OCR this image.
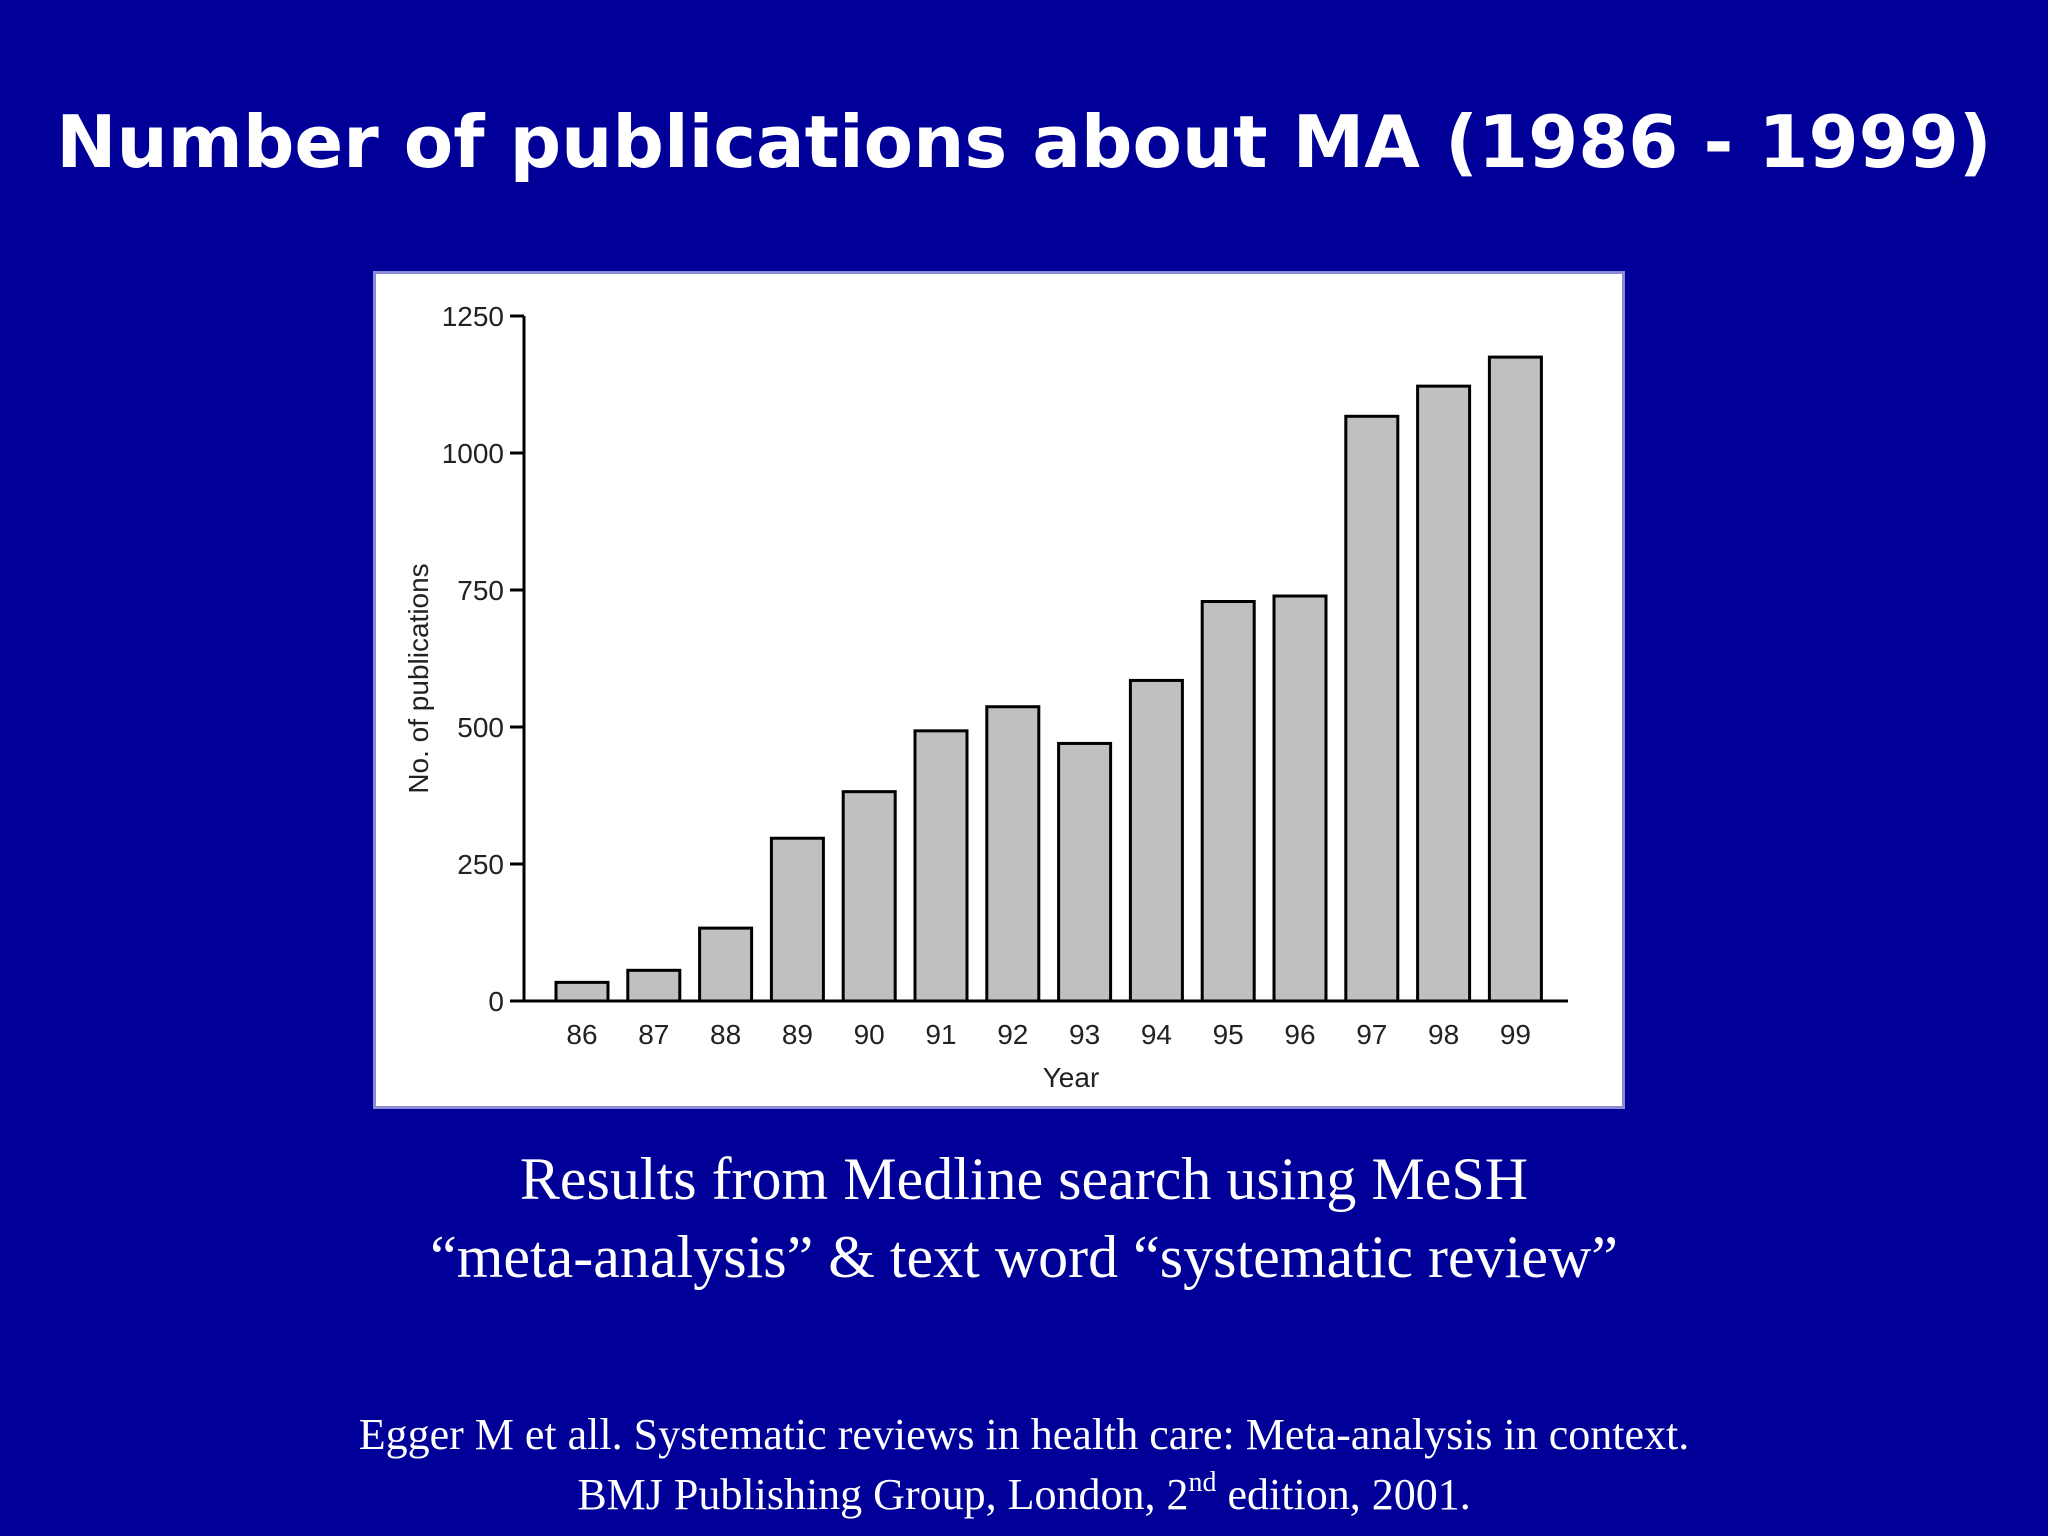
Number of publications about MA (1986 - 1999)
0
250
500
750
1000
1250
86 87 88 89 90 91 92 93 94 95 96 97 98 99
No. of publications
Year
Results from Medline search using MeSH
“meta-analysis” & text word “systematic review”
Egger M et all. Systematic reviews in health care: Meta-analysis in context.
BMJ Publishing Group, London, 2nd edition, 2001.
